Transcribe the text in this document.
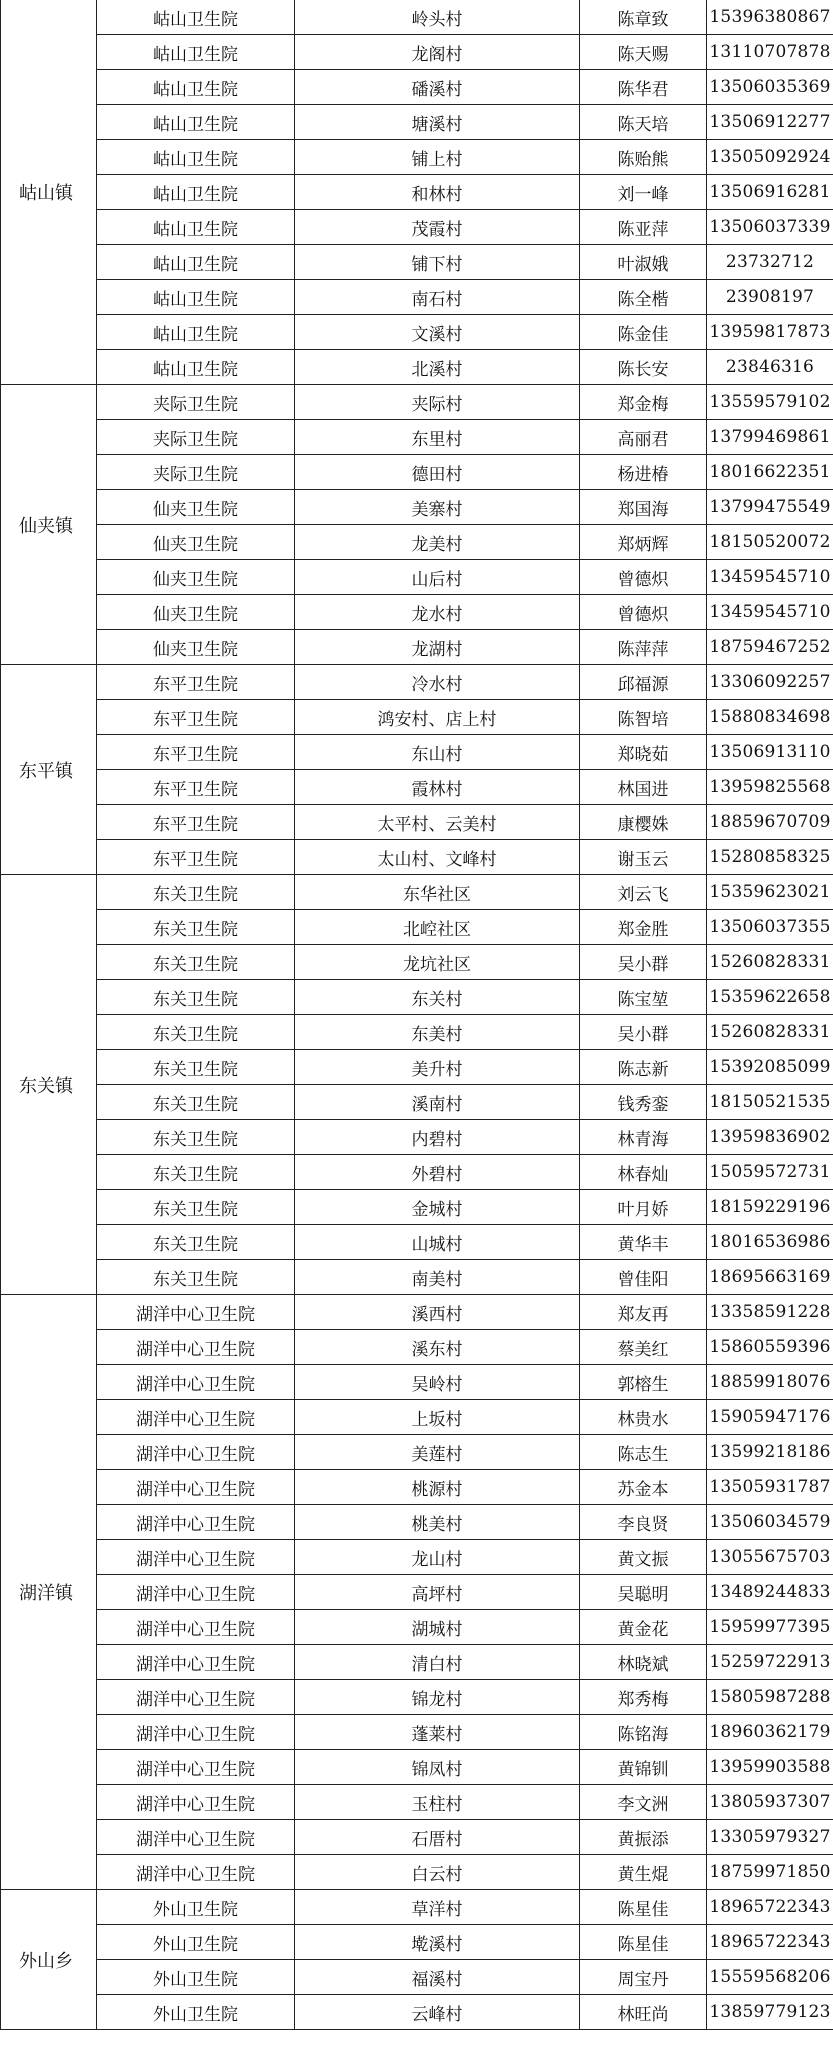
岵山镇	岵山卫生院	岭头村	陈章致	15396380867
	岵山卫生院	龙阁村	陈天赐	13110707878
	岵山卫生院	磻溪村	陈华君	13506035369
	岵山卫生院	塘溪村	陈天培	13506912277
	岵山卫生院	铺上村	陈贻熊	13505092924
	岵山卫生院	和林村	刘一峰	13506916281
	岵山卫生院	茂霞村	陈亚萍	13506037339
	岵山卫生院	铺下村	叶淑娥	23732712
	岵山卫生院	南石村	陈全楷	23908197
	岵山卫生院	文溪村	陈金佳	13959817873
	岵山卫生院	北溪村	陈长安	23846316
仙夹镇	夹际卫生院	夹际村	郑金梅	13559579102
	夹际卫生院	东里村	高丽君	13799469861
	夹际卫生院	德田村	杨进椿	18016622351
	仙夹卫生院	美寨村	郑国海	13799475549
	仙夹卫生院	龙美村	郑炳辉	18150520072
	仙夹卫生院	山后村	曾德炽	13459545710
	仙夹卫生院	龙水村	曾德炽	13459545710
	仙夹卫生院	龙湖村	陈萍萍	18759467252
东平镇	东平卫生院	冷水村	邱福源	13306092257
	东平卫生院	鸿安村、店上村	陈智培	15880834698
	东平卫生院	东山村	郑晓茹	13506913110
	东平卫生院	霞林村	林国进	13959825568
	东平卫生院	太平村、云美村	康樱姝	18859670709
	东平卫生院	太山村、文峰村	谢玉云	15280858325
东关镇	东关卫生院	东华社区	刘云飞	15359623021
	东关卫生院	北崆社区	郑金胜	13506037355
	东关卫生院	龙坑社区	吴小群	15260828331
	东关卫生院	东关村	陈宝堃	15359622658
	东关卫生院	东美村	吴小群	15260828331
	东关卫生院	美升村	陈志新	15392085099
	东关卫生院	溪南村	钱秀銮	18150521535
	东关卫生院	内碧村	林青海	13959836902
	东关卫生院	外碧村	林春灿	15059572731
	东关卫生院	金城村	叶月娇	18159229196
	东关卫生院	山城村	黄华丰	18016536986
	东关卫生院	南美村	曾佳阳	18695663169
湖洋镇	湖洋中心卫生院	溪西村	郑友再	13358591228
	湖洋中心卫生院	溪东村	蔡美红	15860559396
	湖洋中心卫生院	吴岭村	郭榕生	18859918076
	湖洋中心卫生院	上坂村	林贵水	15905947176
	湖洋中心卫生院	美莲村	陈志生	13599218186
	湖洋中心卫生院	桃源村	苏金本	13505931787
	湖洋中心卫生院	桃美村	李良贤	13506034579
	湖洋中心卫生院	龙山村	黄文振	13055675703
	湖洋中心卫生院	高坪村	吴聪明	13489244833
	湖洋中心卫生院	湖城村	黄金花	15959977395
	湖洋中心卫生院	清白村	林晓斌	15259722913
	湖洋中心卫生院	锦龙村	郑秀梅	15805987288
	湖洋中心卫生院	蓬莱村	陈铭海	18960362179
	湖洋中心卫生院	锦凤村	黄锦钏	13959903588
	湖洋中心卫生院	玉柱村	李文洲	13805937307
	湖洋中心卫生院	石厝村	黄振添	13305979327
	湖洋中心卫生院	白云村	黄生焜	18759971850
外山乡	外山卫生院	草洋村	陈星佳	18965722343
	外山卫生院	墘溪村	陈星佳	18965722343
	外山卫生院	福溪村	周宝丹	15559568206
	外山卫生院	云峰村	林旺尚	13859779123
